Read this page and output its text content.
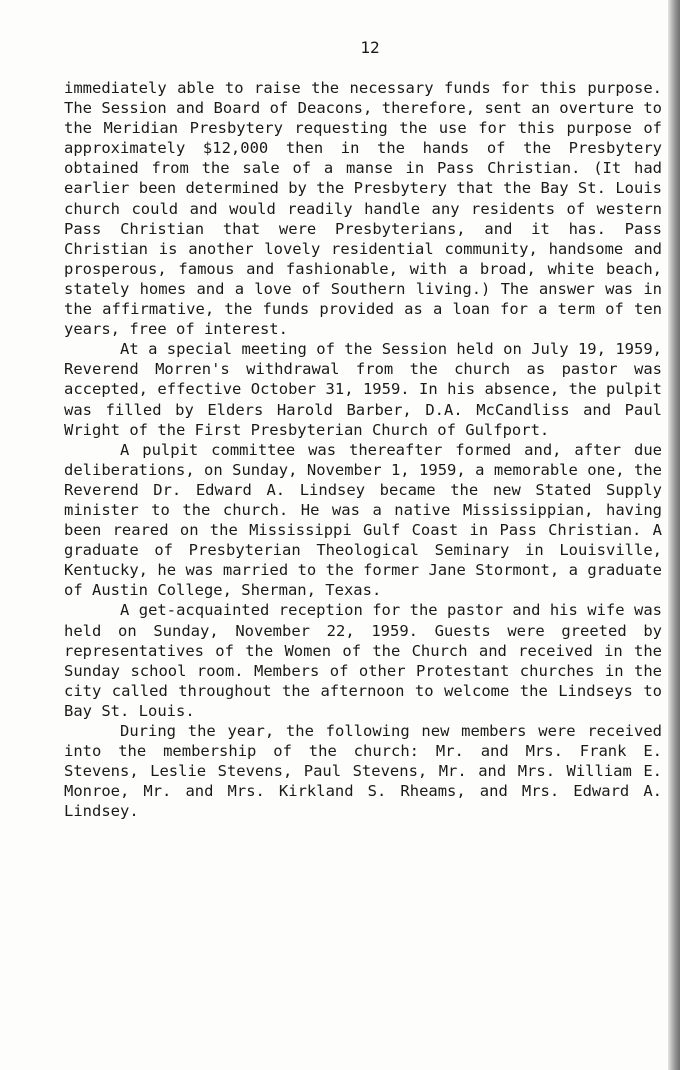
12

immediately able to raise the necessary funds for this purpose. The Session and Board of Deacons, therefore, sent an overture to the Meridian Presbytery requesting the use for this purpose of approximately $12,000 then in the hands of the Presbytery obtained from the sale of a manse in Pass Christian. (It had earlier been determined by the Presbytery that the Bay St. Louis church could and would readily handle any residents of western Pass Christian that were Presbyterians, and it has. Pass Christian is another lovely residential community, handsome and prosperous, famous and fashionable, with a broad, white beach, stately homes and a love of Southern living.) The answer was in the affirmative, the funds provided as a loan for a term of ten years, free of interest.

At a special meeting of the Session held on July 19, 1959, Reverend Morren's withdrawal from the church as pastor was accepted, effective October 31, 1959. In his absence, the pulpit was filled by Elders Harold Barber, D.A. McCandliss and Paul Wright of the First Presbyterian Church of Gulfport.

A pulpit committee was thereafter formed and, after due deliberations, on Sunday, November 1, 1959, a memorable one, the Reverend Dr. Edward A. Lindsey became the new Stated Supply minister to the church. He was a native Mississippian, having been reared on the Mississippi Gulf Coast in Pass Christian. A graduate of Presbyterian Theological Seminary in Louisville, Kentucky, he was married to the former Jane Stormont, a graduate of Austin College, Sherman, Texas.

A get-acquainted reception for the pastor and his wife was held on Sunday, November 22, 1959. Guests were greeted by representatives of the Women of the Church and received in the Sunday school room. Members of other Protestant churches in the city called throughout the afternoon to welcome the Lindseys to Bay St. Louis.

During the year, the following new members were received into the membership of the church: Mr. and Mrs. Frank E. Stevens, Leslie Stevens, Paul Stevens, Mr. and Mrs. William E. Monroe, Mr. and Mrs. Kirkland S. Rheams, and Mrs. Edward A. Lindsey.
